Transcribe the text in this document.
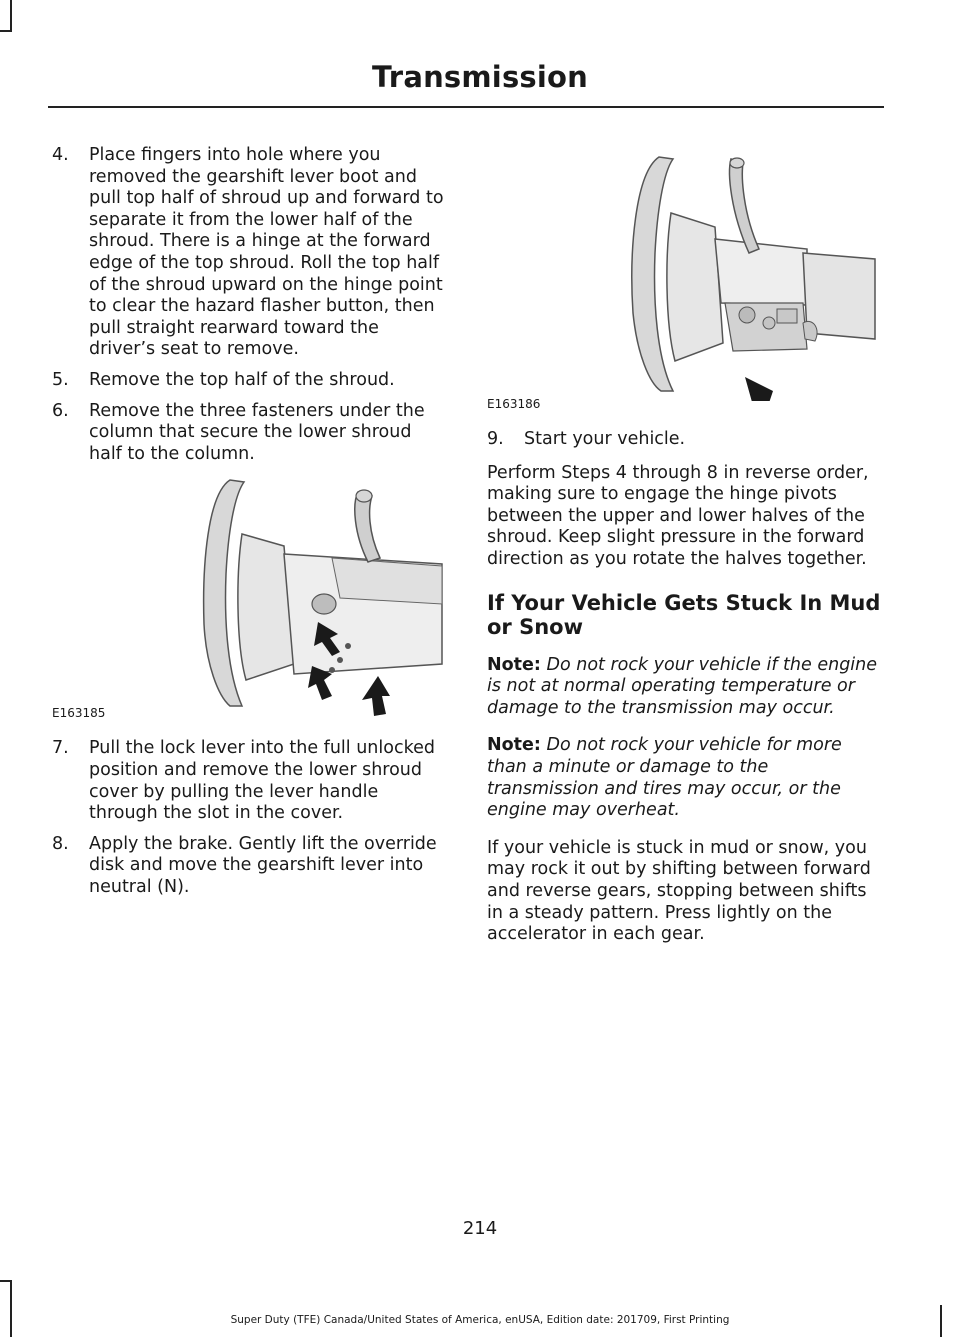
Transmission
4. Place fingers into hole where you removed the gearshift lever boot and pull top half of shroud up and forward to separate it from the lower half of the shroud. There is a hinge at the forward edge of the top shroud. Roll the top half of the shroud upward on the hinge point to clear the hazard flasher button, then pull straight rearward toward the driver’s seat to remove.
5. Remove the top half of the shroud.
6. Remove the three fasteners under the column that secure the lower shroud half to the column.
E163185
7. Pull the lock lever into the full unlocked position and remove the lower shroud cover by pulling the lever handle through the slot in the cover.
8. Apply the brake. Gently lift the override disk and move the gearshift lever into neutral (N).
E163186
9. Start your vehicle.
Perform Steps 4 through 8 in reverse order, making sure to engage the hinge pivots between the upper and lower halves of the shroud. Keep slight pressure in the forward direction as you rotate the halves together.
If Your Vehicle Gets Stuck In Mud or Snow
Note: Do not rock your vehicle if the engine is not at normal operating temperature or damage to the transmission may occur.
Note: Do not rock your vehicle for more than a minute or damage to the transmission and tires may occur, or the engine may overheat.
If your vehicle is stuck in mud or snow, you may rock it out by shifting between forward and reverse gears, stopping between shifts in a steady pattern. Press lightly on the accelerator in each gear.
214
Super Duty (TFE) Canada/United States of America, enUSA, Edition date: 201709, First Printing
